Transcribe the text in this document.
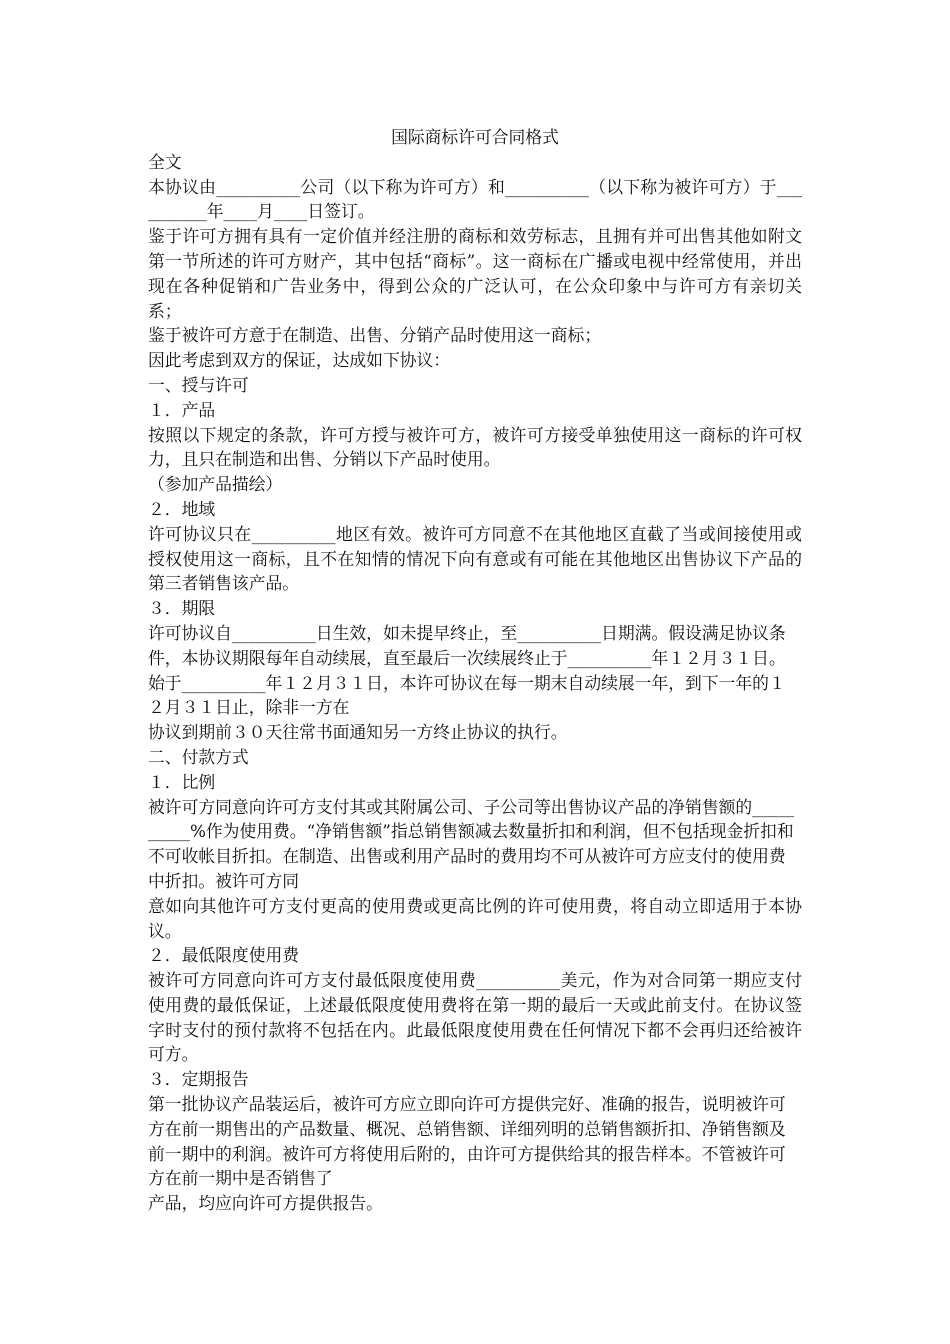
国际商标许可合同格式

全文

本协议由__________公司（以下称为许可方）和__________（以下称为被许可方）于__________年____月____日签订。

鉴于许可方拥有具有一定价值并经注册的商标和效劳标志，且拥有并可出售其他如附文第一节所述的许可方财产，其中包括“商标”。这一商标在广播或电视中经常使用，并出现在各种促销和广告业务中，得到公众的广泛认可，在公众印象中与许可方有亲切关系；

鉴于被许可方意于在制造、出售、分销产品时使用这一商标；

因此考虑到双方的保证，达成如下协议：

一、授与许可

１．产品

按照以下规定的条款，许可方授与被许可方，被许可方接受单独使用这一商标的许可权力，且只在制造和出售、分销以下产品时使用。

（参加产品描绘）

２．地域

许可协议只在__________地区有效。被许可方同意不在其他地区直截了当或间接使用或授权使用这一商标，且不在知情的情况下向有意或有可能在其他地区出售协议下产品的第三者销售该产品。

３．期限

许可协议自__________日生效，如未提早终止，至__________日期满。假设满足协议条件，本协议期限每年自动续展，直至最后一次续展终止于__________年１２月３１日。始于__________年１２月３１日，本许可协议在每一期末自动续展一年，到下一年的１２月３１日止，除非一方在

协议到期前３０天往常书面通知另一方终止协议的执行。

二、付款方式

１．比例

被许可方同意向许可方支付其或其附属公司、子公司等出售协议产品的净销售额的__________%作为使用费。“净销售额”指总销售额减去数量折扣和利润，但不包括现金折扣和不可收帐目折扣。在制造、出售或利用产品时的费用均不可从被许可方应支付的使用费中折扣。被许可方同

意如向其他许可方支付更高的使用费或更高比例的许可使用费，将自动立即适用于本协议。

２．最低限度使用费

被许可方同意向许可方支付最低限度使用费__________美元，作为对合同第一期应支付使用费的最低保证，上述最低限度使用费将在第一期的最后一天或此前支付。在协议签字时支付的预付款将不包括在内。此最低限度使用费在任何情况下都不会再归还给被许可方。

３．定期报告

第一批协议产品装运后，被许可方应立即向许可方提供完好、准确的报告，说明被许可方在前一期售出的产品数量、概况、总销售额、详细列明的总销售额折扣、净销售额及前一期中的利润。被许可方将使用后附的，由许可方提供给其的报告样本。不管被许可方在前一期中是否销售了

产品，均应向许可方提供报告。
